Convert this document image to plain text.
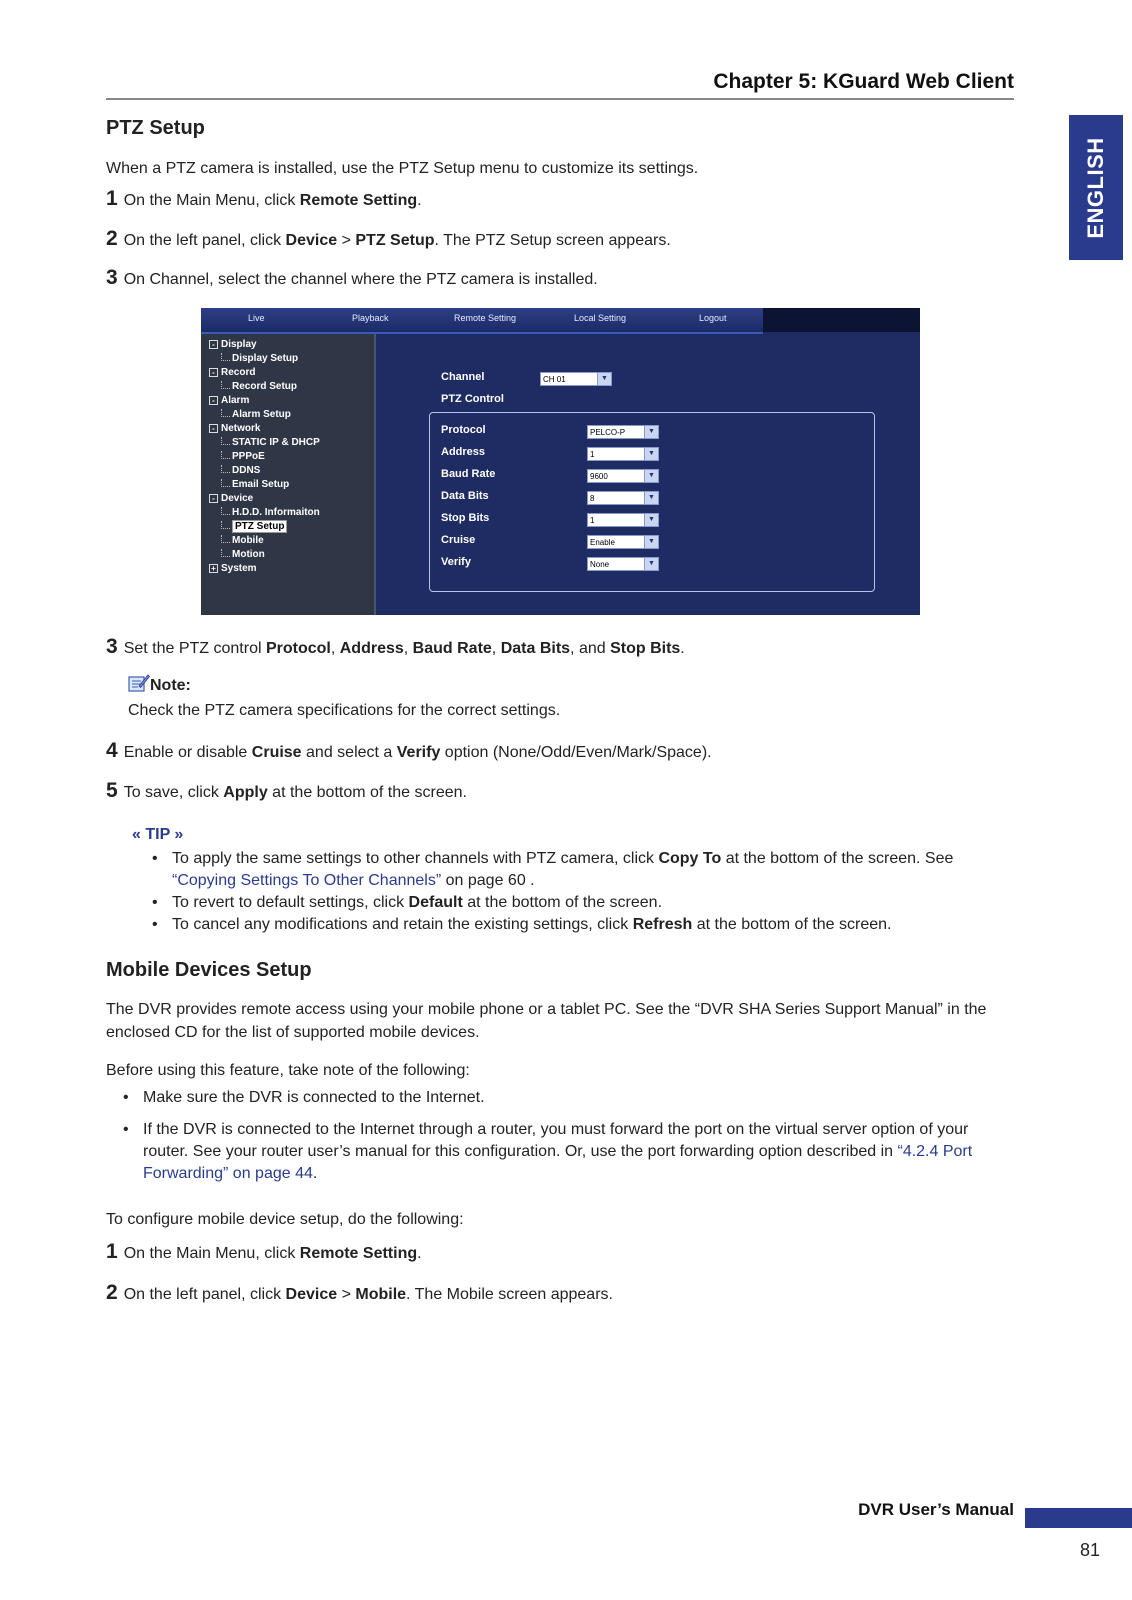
Chapter 5: KGuard Web Client
ENGLISH
PTZ Setup
When a PTZ camera is installed, use the PTZ Setup menu to customize its settings.
1 On the Main Menu, click Remote Setting.
2 On the left panel, click Device > PTZ Setup. The PTZ Setup screen appears.
3 On Channel, select the channel where the PTZ camera is installed.
Live	Playback	Remote Setting	Local Setting	Logout
- Display
Display Setup
- Record
Record Setup
- Alarm
Alarm Setup
- Network
STATIC IP & DHCP
PPPoE
DDNS
Email Setup
- Device
H.D.D. Informaiton
PTZ Setup
Mobile
Motion
+ System
Channel	CH 01	▼
PTZ Control
Protocol	PELCO-P	▼
Address	1	▼
Baud Rate	9600	▼
Data Bits	8	▼
Stop Bits	1	▼
Cruise	Enable	▼
Verify	None	▼
3 Set the PTZ control Protocol, Address, Baud Rate, Data Bits, and Stop Bits.
Note:
Check the PTZ camera specifications for the correct settings.
4 Enable or disable Cruise and select a Verify option (None/Odd/Even/Mark/Space).
5 To save, click Apply at the bottom of the screen.
« TIP »
• To apply the same settings to other channels with PTZ camera, click Copy To at the bottom of the screen. See
“Copying Settings To Other Channels” on page 60 .
• To revert to default settings, click Default at the bottom of the screen.
• To cancel any modifications and retain the existing settings, click Refresh at the bottom of the screen.
Mobile Devices Setup
The DVR provides remote access using your mobile phone or a tablet PC. See the “DVR SHA Series Support Manual” in the enclosed CD for the list of supported mobile devices.
Before using this feature, take note of the following:
• Make sure the DVR is connected to the Internet.
• If the DVR is connected to the Internet through a router, you must forward the port on the virtual server option of your router. See your router user’s manual for this configuration. Or, use the port forwarding option described in “4.2.4 Port Forwarding” on page 44.
To configure mobile device setup, do the following:
1 On the Main Menu, click Remote Setting.
2 On the left panel, click Device > Mobile. The Mobile screen appears.
DVR User’s Manual
81
